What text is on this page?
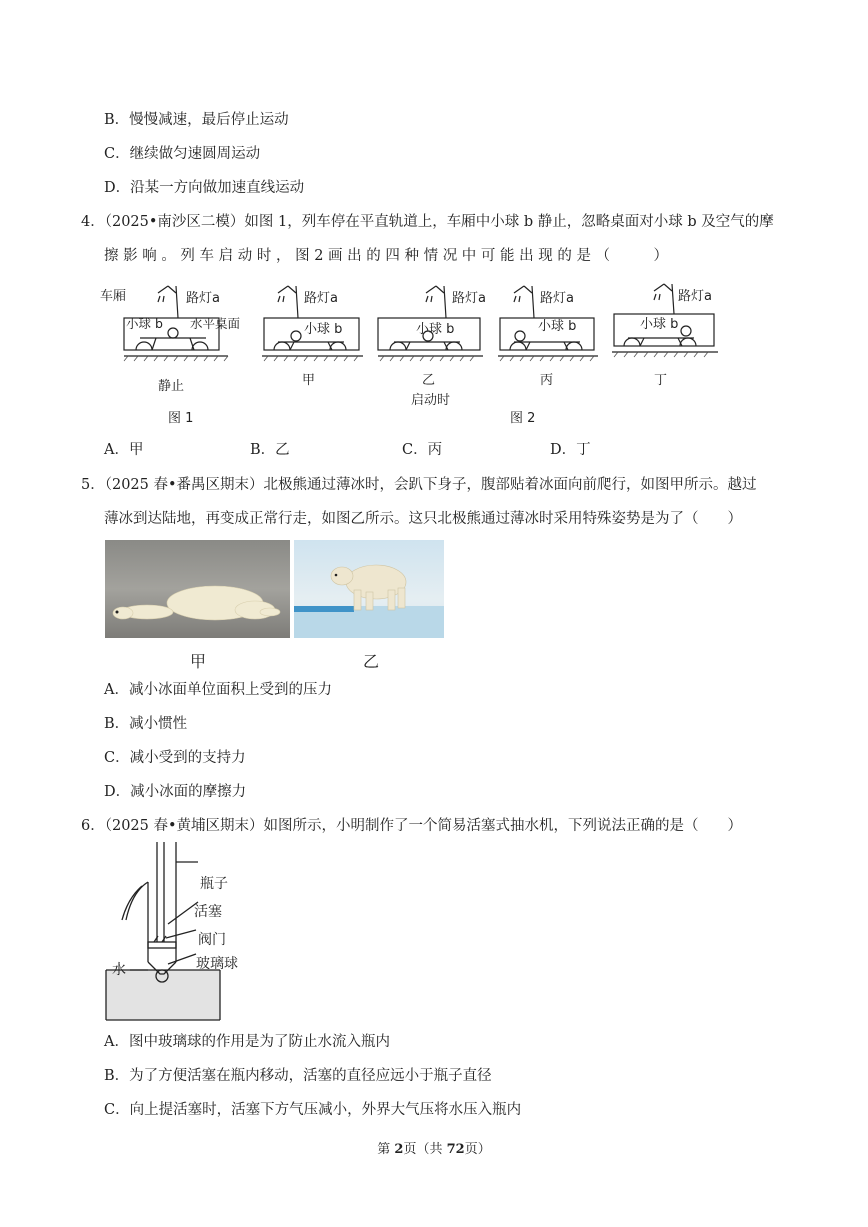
B．慢慢减速，最后停止运动
C．继续做匀速圆周运动
D．沿某一方向做加速直线运动
4．（2025•南沙区二模）如图 1，列车停在平直轨道上，车厢中小球 b 静止，忽略桌面对小球 b 及空气的摩
擦 影 响 。 列 车 启 动 时 ， 图 2 画 出 的 四 种 情 况 中 可 能 出 现 的 是 （　　　）
车厢	路灯a
小球 b 水平桌面
路灯a
小球 b
路灯a
小球 b
路灯a
小球 b
路灯a
小球 b
静止	甲	乙	丙	丁
启动时
图 1	图 2
A．甲	B．乙	C．丙	D．丁
5．（2025 春•番禺区期末）北极熊通过薄冰时，会趴下身子，腹部贴着冰面向前爬行，如图甲所示。越过
薄冰到达陆地，再变成正常行走，如图乙所示。这只北极熊通过薄冰时采用特殊姿势是为了（　　）
甲	乙
A．减小冰面单位面积上受到的压力
B．减小惯性
C．减小受到的支持力
D．减小冰面的摩擦力
6．（2025 春•黄埔区期末）如图所示，小明制作了一个简易活塞式抽水机，下列说法正确的是（　　）
瓶子
活塞
阀门
水	玻璃球
A．图中玻璃球的作用是为了防止水流入瓶内
B．为了方便活塞在瓶内移动，活塞的直径应远小于瓶子直径
C．向上提活塞时，活塞下方气压减小，外界大气压将水压入瓶内
第 2页（共 72页）
